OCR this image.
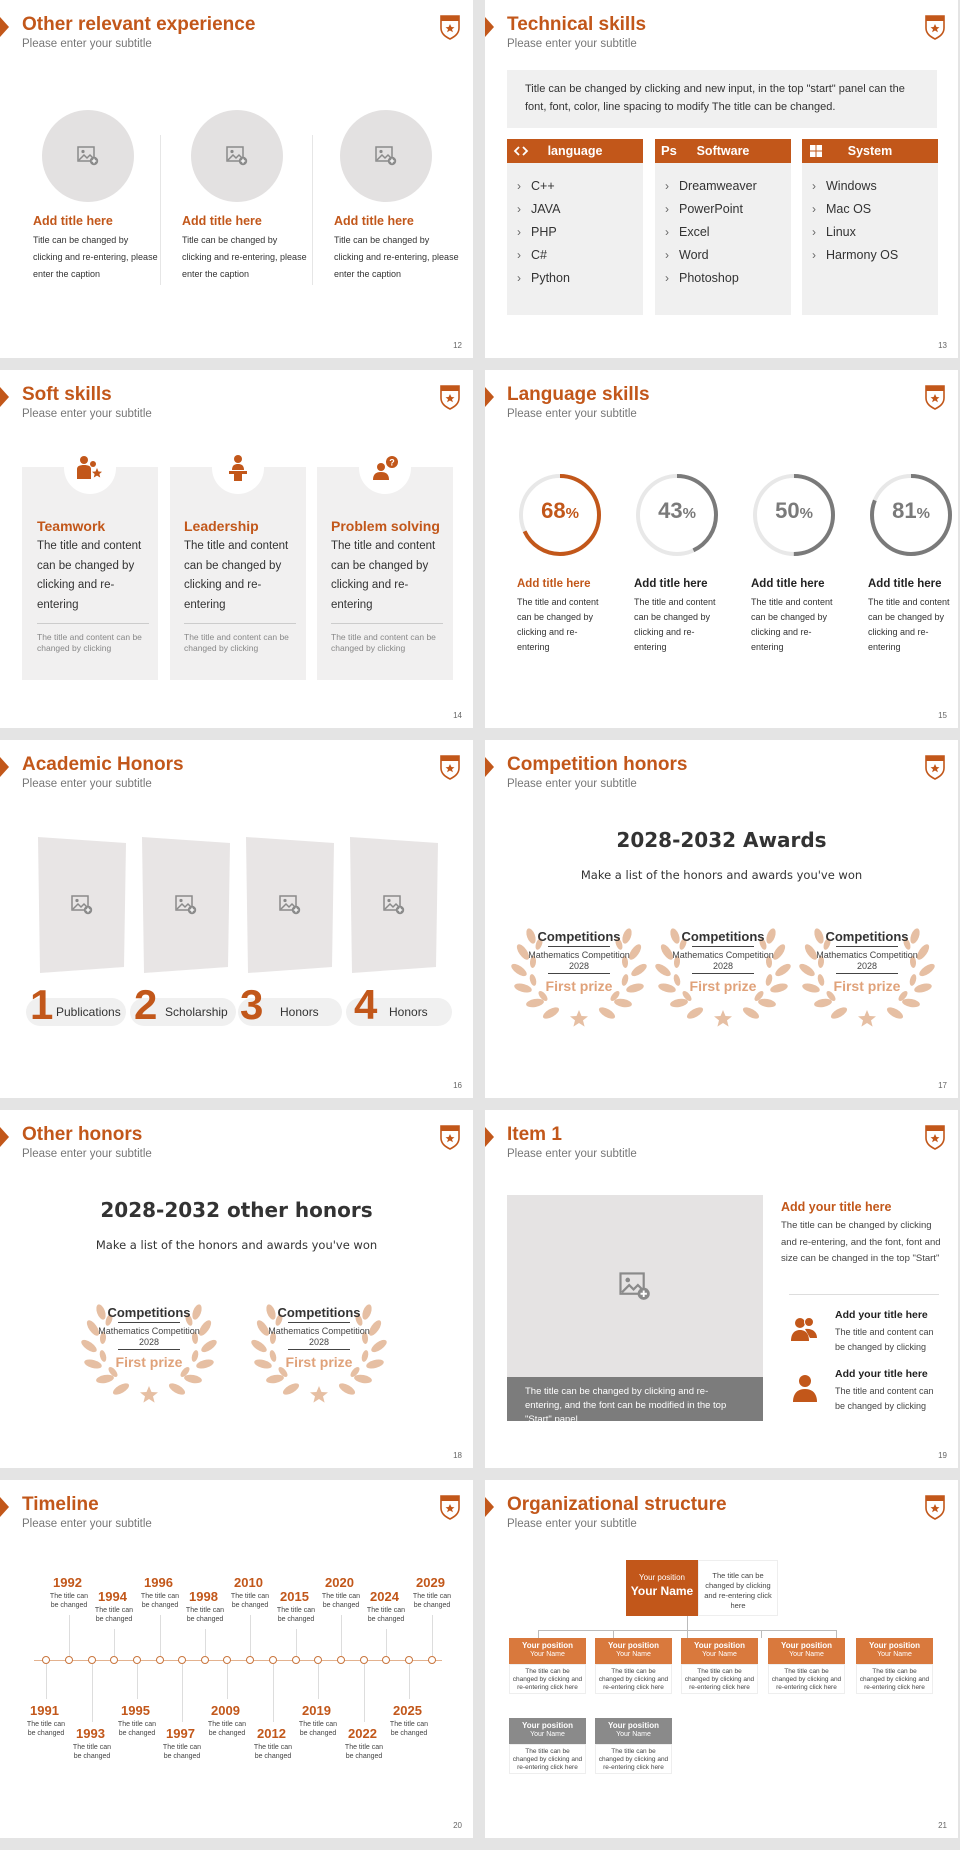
Other relevant experience
Please enter your subtitle
Add title here
Title can be changed by clicking and re-entering, please enter the caption
Add title here
Title can be changed by clicking and re-entering, please enter the caption
Add title here
Title can be changed by clicking and re-entering, please enter the caption
12
Technical skills
Please enter your subtitle
Title can be changed by clicking and new input, in the top "start" panel can the font, font, color, line spacing to modify The title can be changed.
language
› C++
› JAVA
› PHP
› C#
› Python
Ps Software
› Dreamweaver
› PowerPoint
› Excel
› Word
› Photoshop
System
› Windows
› Mac OS
› Linux
› Harmony OS
13
Soft skills
Please enter your subtitle
?
Teamwork
The title and content can be changed by clicking and re-entering
The title and content can be changed by clicking
Leadership
The title and content can be changed by clicking and re-entering
The title and content can be changed by clicking
Problem solving
The title and content can be changed by clicking and re-entering
The title and content can be changed by clicking
14
Language skills
Please enter your subtitle
68%
Add title here
The title and content can be changed by clicking and re-entering
43%
Add title here
The title and content can be changed by clicking and re-entering
50%
Add title here
The title and content can be changed by clicking and re-entering
81%
Add title here
The title and content can be changed by clicking and re-entering
15
Academic Honors
Please enter your subtitle
1 2 3 4
Publications	Scholarship	Honors	Honors
16
Competition honors
Please enter your subtitle
2028-2032 Awards
Make a list of the honors and awards you've won
Competitions
Mathematics Competition
2028
First prize
Competitions
Mathematics Competition
2028
First prize
Competitions
Mathematics Competition
2028
First prize
17
Other honors
Please enter your subtitle
2028-2032 other honors
Make a list of the honors and awards you've won
Competitions
Mathematics Competition
2028
First prize
Competitions
Mathematics Competition
2028
First prize
18
Item 1
Please enter your subtitle
The title can be changed by clicking and re-entering, and the font can be modified in the top "Start" panel.
Add your title here
The title can be changed by clicking and re-entering, and the font, font and size can be changed in the top "Start"
Add your title here
The title and content can be changed by clicking
Add your title here
The title and content can be changed by clicking
19
Timeline
Please enter your subtitle
1992
The title can be changed
1994
The title can be changed
1996
The title can be changed
1998
The title can be changed
2010
The title can be changed
2015
The title can be changed
2020
The title can be changed
2024
The title can be changed
2029
The title can be changed
1991
The title can be changed 1993
The title can be changed
1995
The title can be changed 1997
The title can be changed
2009
The title can be changed 2012
The title can be changed
2019
The title can be changed 2022
The title can be changed
2025
The title can be changed
20
Organizational structure
Please enter your subtitle
Your position
Your Name
The title can be changed by clicking and re-entering click here
Your position
Your Name
The title can be changed by clicking and re-entering click here
Your position
Your Name
The title can be changed by clicking and re-entering click here
Your position
Your Name
The title can be changed by clicking and re-entering click here
Your position
Your Name
The title can be changed by clicking and re-entering click here
Your position
Your Name
The title can be changed by clicking and re-entering click here
Your position
Your Name
The title can be changed by clicking and re-entering click here
Your position
Your Name
The title can be changed by clicking and re-entering click here
21
